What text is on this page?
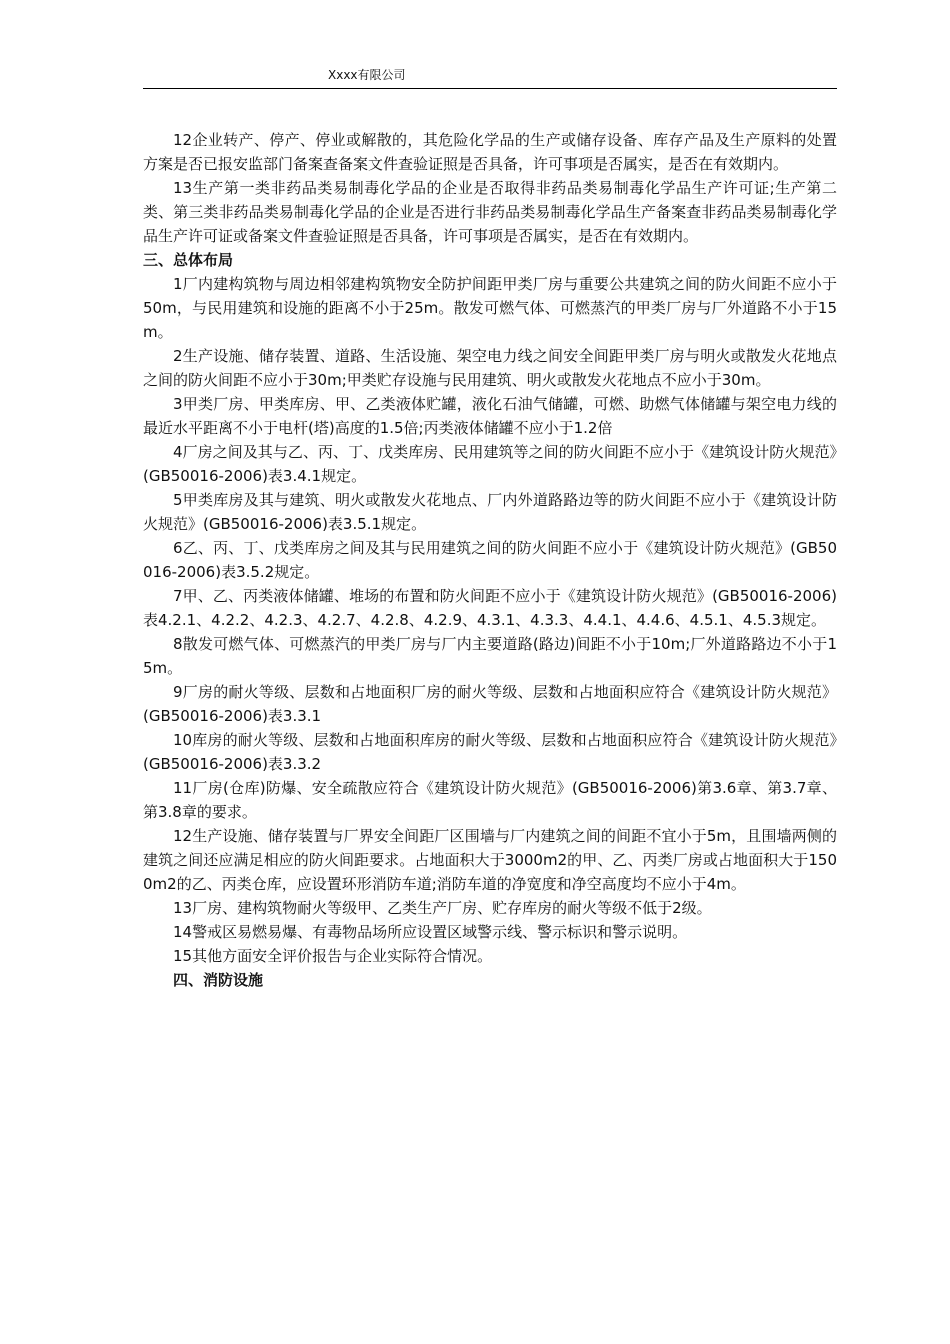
Xxxx有限公司

12企业转产、停产、停业或解散的，其危险化学品的生产或储存设备、库存产品及生产原料的处置方案是否已报安监部门备案查备案文件查验证照是否具备，许可事项是否属实，是否在有效期内。

13生产第一类非药品类易制毒化学品的企业是否取得非药品类易制毒化学品生产许可证;生产第二类、第三类非药品类易制毒化学品的企业是否进行非药品类易制毒化学品生产备案查非药品类易制毒化学品生产许可证或备案文件查验证照是否具备，许可事项是否属实，是否在有效期内。

三、总体布局

1厂内建构筑物与周边相邻建构筑物安全防护间距甲类厂房与重要公共建筑之间的防火间距不应小于50m，与民用建筑和设施的距离不小于25m。散发可燃气体、可燃蒸汽的甲类厂房与厂外道路不小于15m。

2生产设施、储存装置、道路、生活设施、架空电力线之间安全间距甲类厂房与明火或散发火花地点之间的防火间距不应小于30m;甲类贮存设施与民用建筑、明火或散发火花地点不应小于30m。

3甲类厂房、甲类库房、甲、乙类液体贮罐，液化石油气储罐，可燃、助燃气体储罐与架空电力线的最近水平距离不小于电杆(塔)高度的1.5倍;丙类液体储罐不应小于1.2倍

4厂房之间及其与乙、丙、丁、戊类库房、民用建筑等之间的防火间距不应小于《建筑设计防火规范》(GB50016-2006)表3.4.1规定。

5甲类库房及其与建筑、明火或散发火花地点、厂内外道路路边等的防火间距不应小于《建筑设计防火规范》(GB50016-2006)表3.5.1规定。

6乙、丙、丁、戊类库房之间及其与民用建筑之间的防火间距不应小于《建筑设计防火规范》(GB50016-2006)表3.5.2规定。

7甲、乙、丙类液体储罐、堆场的布置和防火间距不应小于《建筑设计防火规范》(GB50016-2006)表4.2.1、4.2.2、4.2.3、4.2.7、4.2.8、4.2.9、4.3.1、4.3.3、4.4.1、4.4.6、4.5.1、4.5.3规定。

8散发可燃气体、可燃蒸汽的甲类厂房与厂内主要道路(路边)间距不小于10m;厂外道路路边不小于15m。

9厂房的耐火等级、层数和占地面积厂房的耐火等级、层数和占地面积应符合《建筑设计防火规范》(GB50016-2006)表3.3.1

10库房的耐火等级、层数和占地面积库房的耐火等级、层数和占地面积应符合《建筑设计防火规范》(GB50016-2006)表3.3.2

11厂房(仓库)防爆、安全疏散应符合《建筑设计防火规范》(GB50016-2006)第3.6章、第3.7章、第3.8章的要求。

12生产设施、储存装置与厂界安全间距厂区围墙与厂内建筑之间的间距不宜小于5m，且围墙两侧的建筑之间还应满足相应的防火间距要求。占地面积大于3000m2的甲、乙、丙类厂房或占地面积大于1500m2的乙、丙类仓库，应设置环形消防车道;消防车道的净宽度和净空高度均不应小于4m。

13厂房、建构筑物耐火等级甲、乙类生产厂房、贮存库房的耐火等级不低于2级。

14警戒区易燃易爆、有毒物品场所应设置区域警示线、警示标识和警示说明。

15其他方面安全评价报告与企业实际符合情况。

四、消防设施
